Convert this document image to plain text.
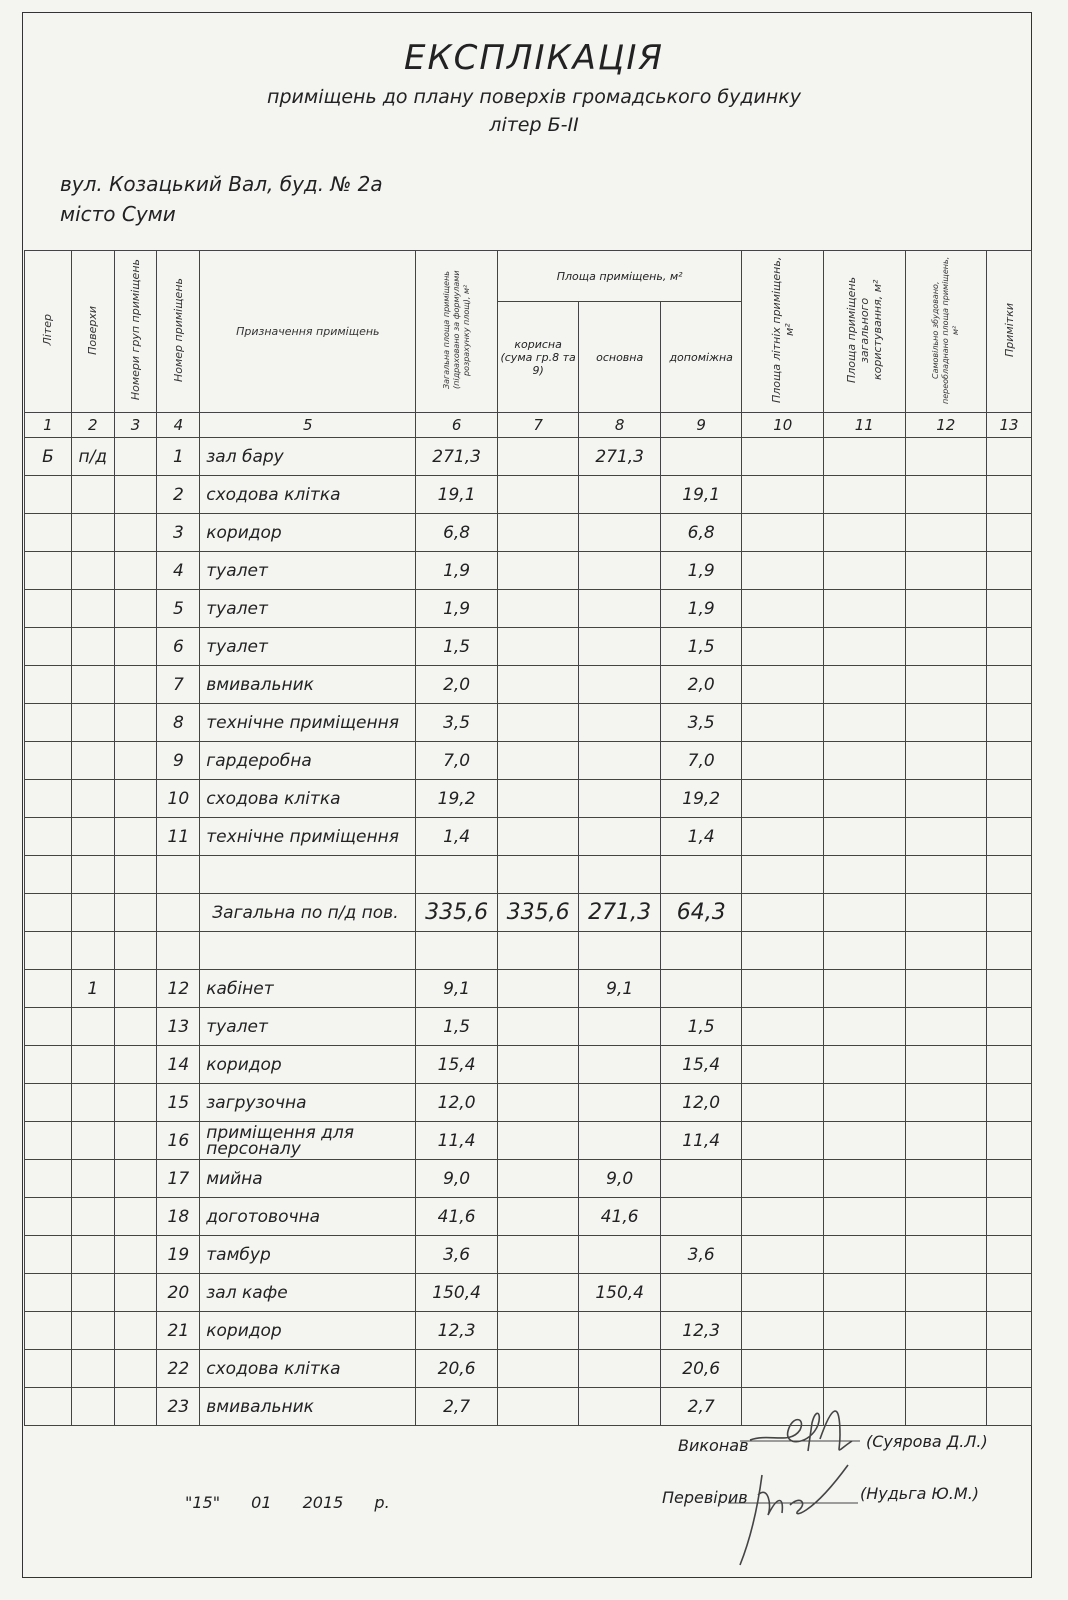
ЕКСПЛІКАЦІЯ
приміщень до плану поверхів громадського будинку
літер Б-ІІ
вул. Козацький Вал, буд. № 2а
місто Суми
Літер	Поверхи	Номери груп приміщень	Номер приміщень	Призначення приміщень	Загальна площа приміщень (підраховано за формулами розрахунку площ), м²	Площа приміщень, м²			Площа літніх приміщень, м²	Площа приміщень загального користування, м²	Самовільно збудовано, переобладнано площа приміщень, м²	Примітки
						корисна (сума гр.8 та 9)	основна	допоміжна				
1	2	3	4	5	6	7	8	9	10	11	12	13
Б	п/д		1	зал бару	271,3		271,3					
			2	сходова клітка	19,1			19,1				
			3	коридор	6,8			6,8				
			4	туалет	1,9			1,9				
			5	туалет	1,9			1,9				
			6	туалет	1,5			1,5				
			7	вмивальник	2,0			2,0				
			8	технічне приміщення	3,5			3,5				
			9	гардеробна	7,0			7,0				
			10	сходова клітка	19,2			19,2				
			11	технічне приміщення	1,4			1,4				

				Загальна по п/д пов.	335,6	335,6	271,3	64,3				

	1		12	кабінет	9,1		9,1					
			13	туалет	1,5			1,5				
			14	коридор	15,4			15,4				
			15	загрузочна	12,0			12,0				
			16	приміщення для персоналу	11,4			11,4				
			17	мийна	9,0		9,0					
			18	доготовочна	41,6		41,6					
			19	тамбур	3,6			3,6				
			20	зал кафе	150,4		150,4					
			21	коридор	12,3			12,3				
			22	сходова клітка	20,6			20,6				
			23	вмивальник	2,7			2,7				
"15" 01 2015 р.
Виконав	(Суярова Д.Л.)
Перевірив	(Нудьга Ю.М.)
